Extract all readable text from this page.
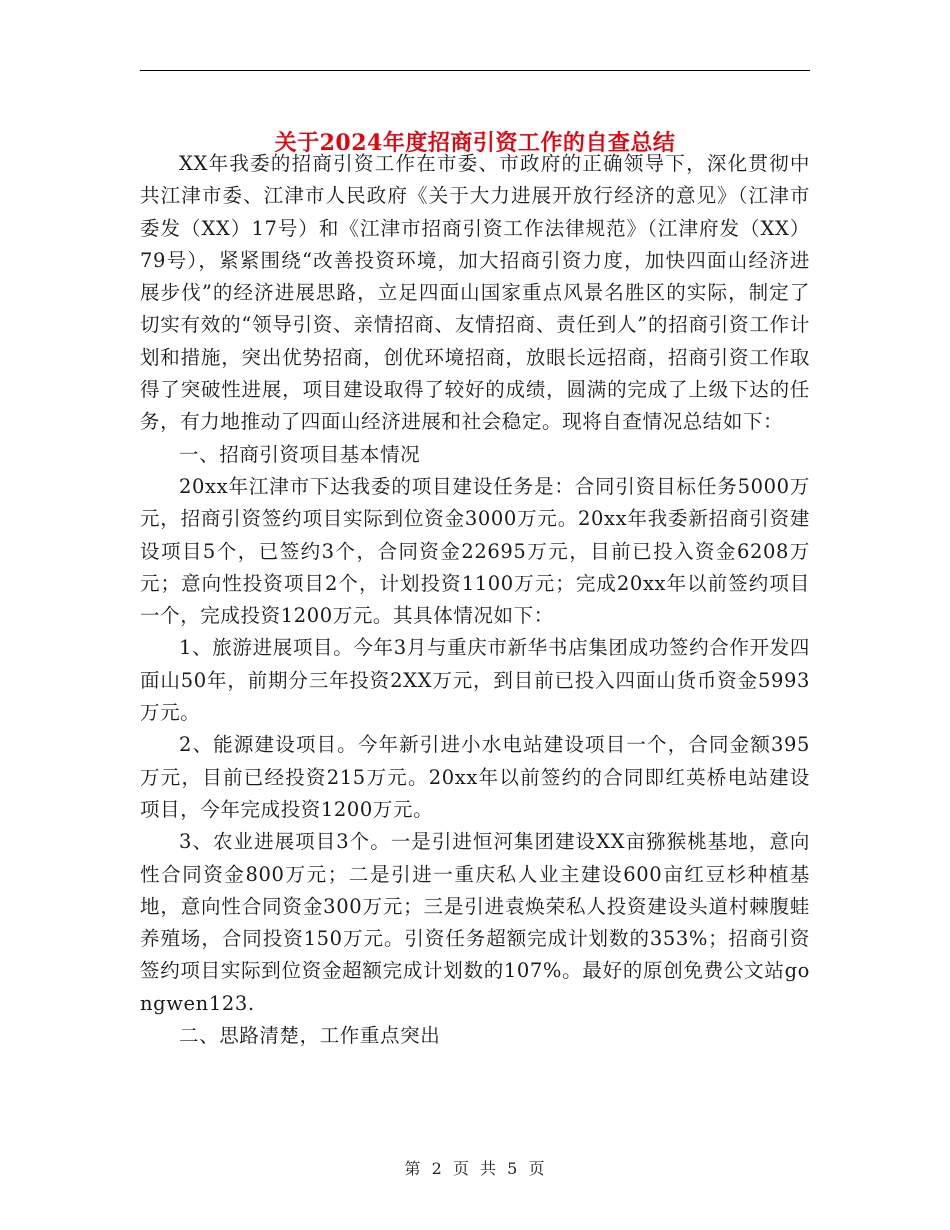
关于2024年度招商引资工作的自查总结

XX年我委的招商引资工作在市委、市政府的正确领导下，深化贯彻中共江津市委、江津市人民政府《关于大力进展开放行经济的意见》（江津市委发（XX）17号）和《江津市招商引资工作法律规范》（江津府发（XX）79号），紧紧围绕“改善投资环境，加大招商引资力度，加快四面山经济进展步伐”的经济进展思路，立足四面山国家重点风景名胜区的实际，制定了切实有效的“领导引资、亲情招商、友情招商、责任到人”的招商引资工作计划和措施，突出优势招商，创优环境招商，放眼长远招商，招商引资工作取得了突破性进展，项目建设取得了较好的成绩，圆满的完成了上级下达的任务，有力地推动了四面山经济进展和社会稳定。现将自查情况总结如下：

一、招商引资项目基本情况

20xx年江津市下达我委的项目建设任务是：合同引资目标任务5000万元，招商引资签约项目实际到位资金3000万元。20xx年我委新招商引资建设项目5个，已签约3个，合同资金22695万元，目前已投入资金6208万元；意向性投资项目2个，计划投资1100万元；完成20xx年以前签约项目一个，完成投资1200万元。其具体情况如下：

1、旅游进展项目。今年3月与重庆市新华书店集团成功签约合作开发四面山50年，前期分三年投资2XX万元，到目前已投入四面山货币资金5993万元。

2、能源建设项目。今年新引进小水电站建设项目一个，合同金额395万元，目前已经投资215万元。20xx年以前签约的合同即红英桥电站建设项目，今年完成投资1200万元。

3、农业进展项目3个。一是引进恒河集团建设XX亩猕猴桃基地，意向性合同资金800万元；二是引进一重庆私人业主建设600亩红豆杉种植基地，意向性合同资金300万元；三是引进袁焕荣私人投资建设头道村棘腹蛙养殖场，合同投资150万元。引资任务超额完成计划数的353%；招商引资签约项目实际到位资金超额完成计划数的107%。最好的原创免费公文站gongwen123.

二、思路清楚，工作重点突出

第 2 页 共 5 页
